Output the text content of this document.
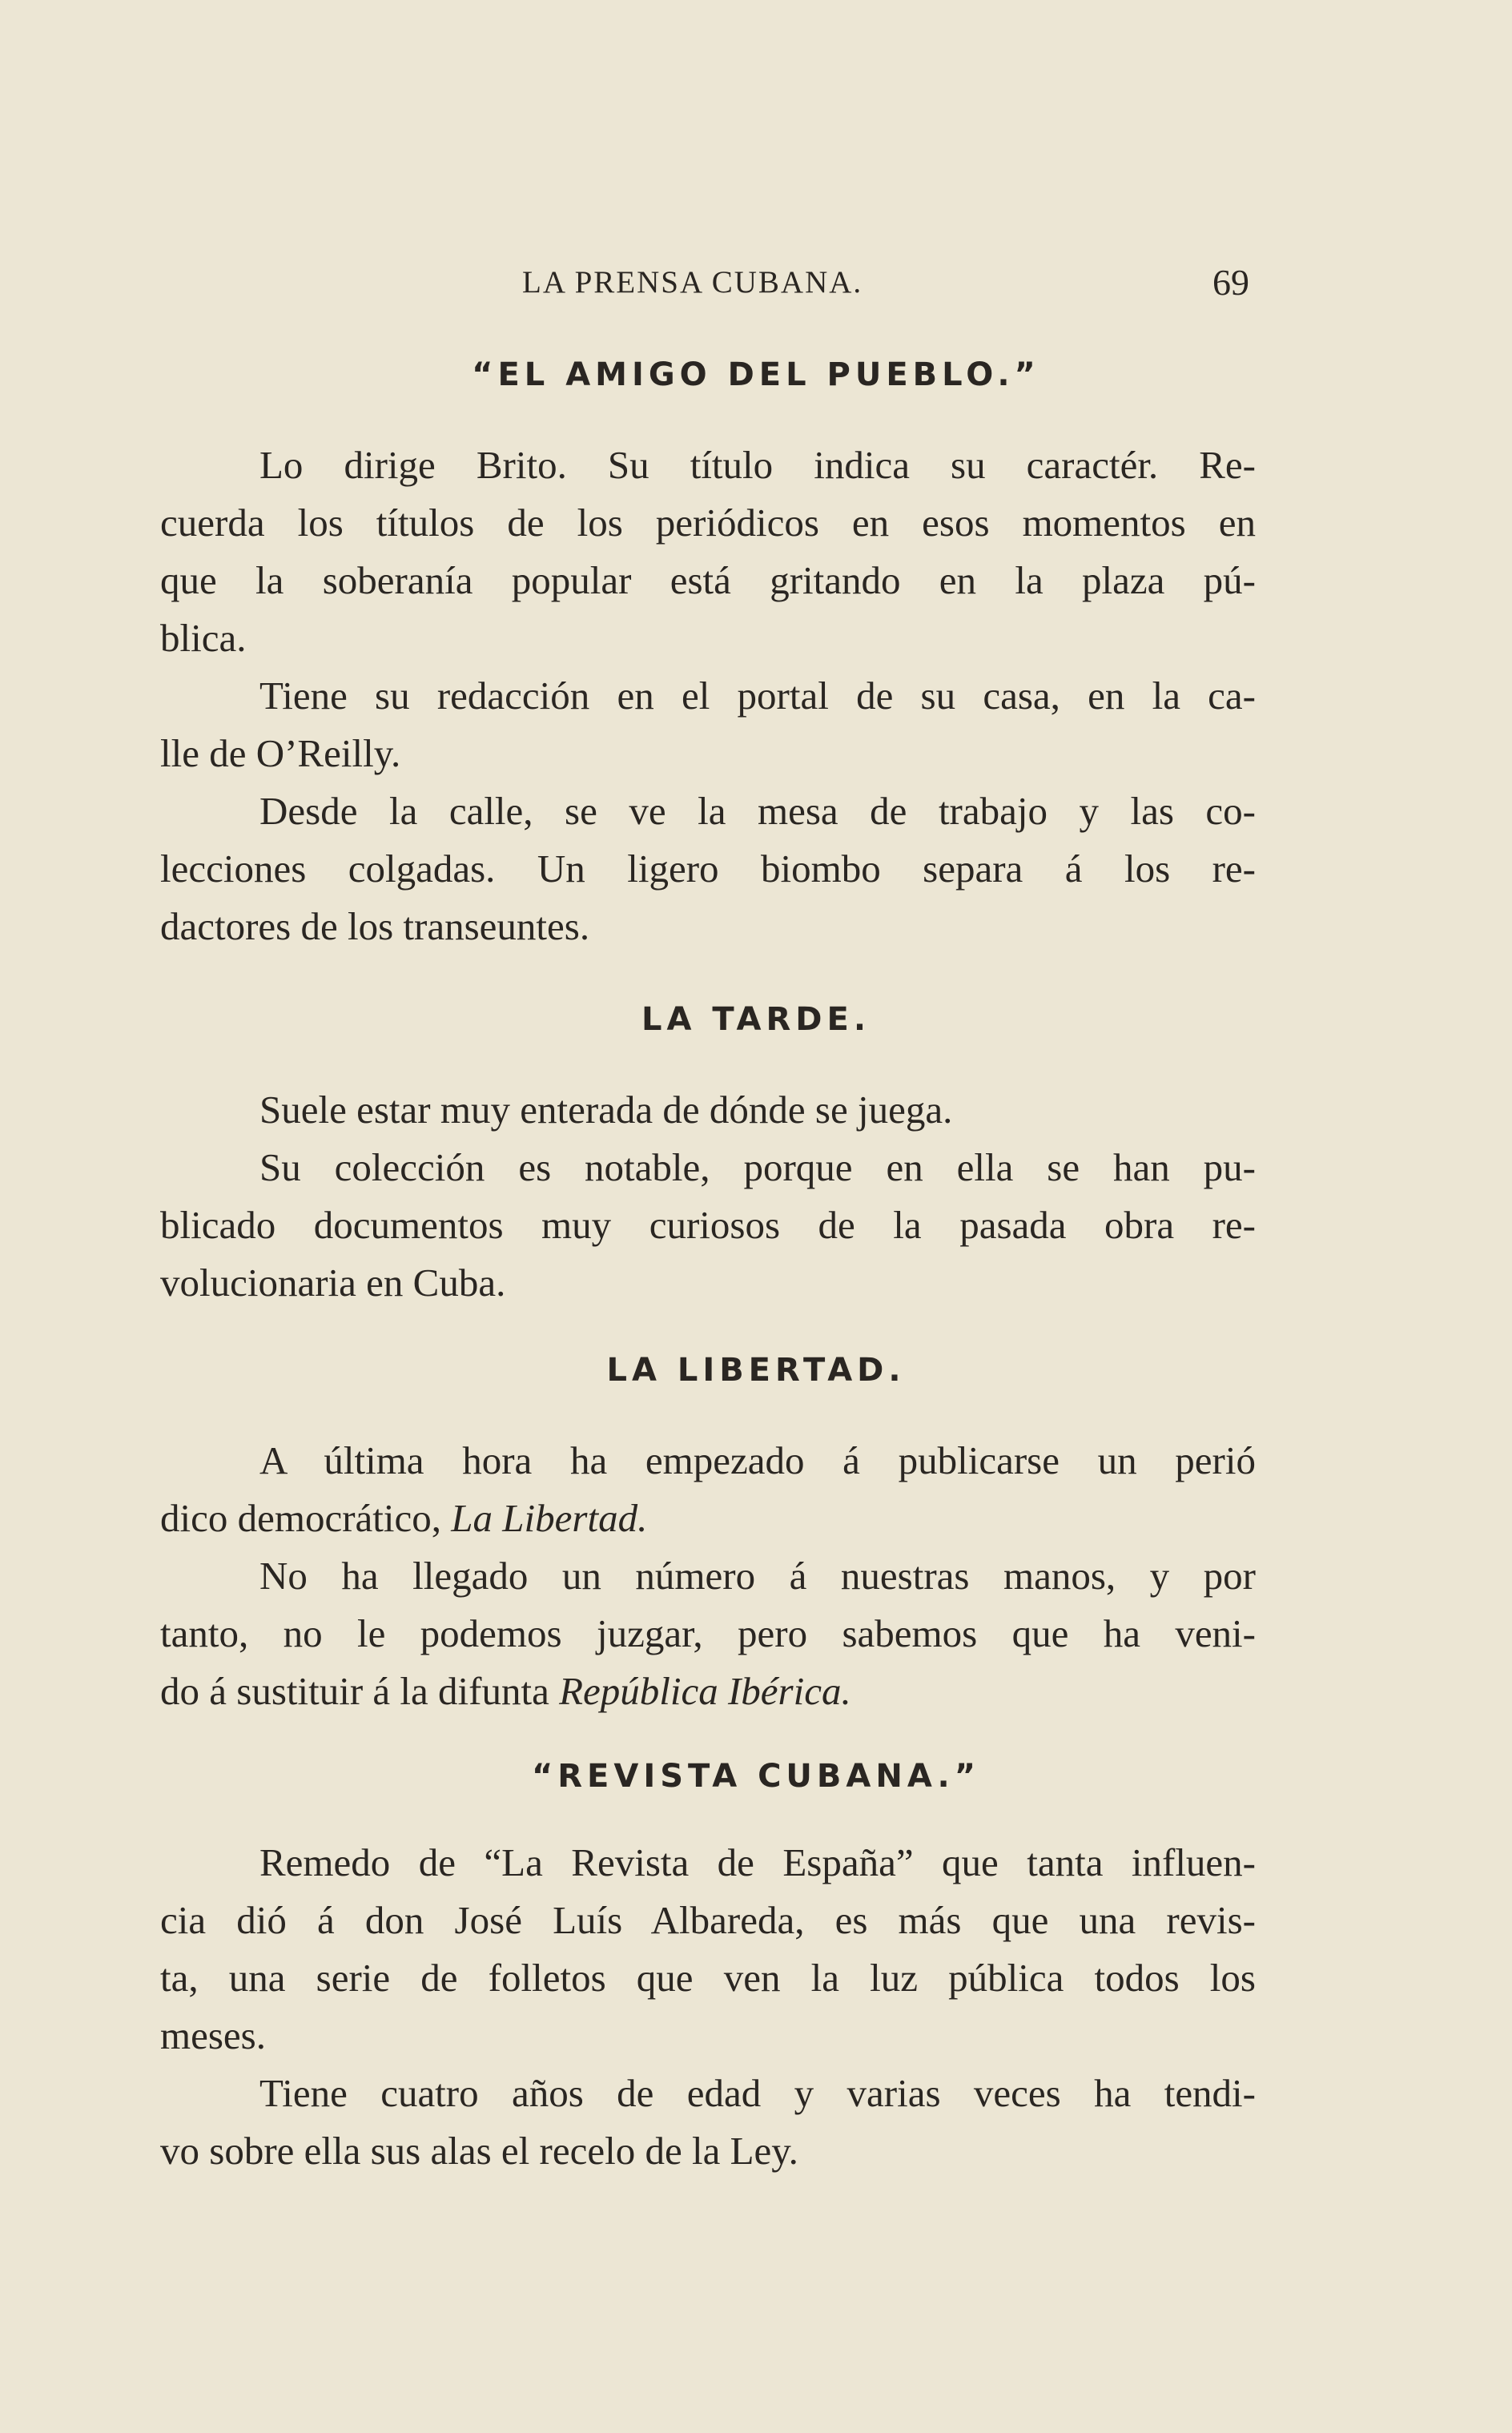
LA PRENSA CUBANA.	69
“EL AMIGO DEL PUEBLO.”
Lo dirige Brito. Su título indica su caractér. Re-
cuerda los títulos de los periódicos en esos momentos en
que la soberanía popular está gritando en la plaza pú-
blica.
Tiene su redacción en el portal de su casa, en la ca-
lle de O’Reilly.
Desde la calle, se ve la mesa de trabajo y las co-
lecciones colgadas. Un ligero biombo separa á los re-
dactores de los transeuntes.
LA TARDE.
Suele estar muy enterada de dónde se juega.
Su colección es notable, porque en ella se han pu-
blicado documentos muy curiosos de la pasada obra re-
volucionaria en Cuba.
LA LIBERTAD.
A última hora ha empezado á publicarse un perió
dico democrático, La Libertad.
No ha llegado un número á nuestras manos, y por
tanto, no le podemos juzgar, pero sabemos que ha veni-
do á sustituir á la difunta República Ibérica.
“REVISTA CUBANA.”
Remedo de “La Revista de España” que tanta influen-
cia dió á don José Luís Albareda, es más que una revis-
ta, una serie de folletos que ven la luz pública todos los
meses.
Tiene cuatro años de edad y varias veces ha tendi-
vo sobre ella sus alas el recelo de la Ley.
